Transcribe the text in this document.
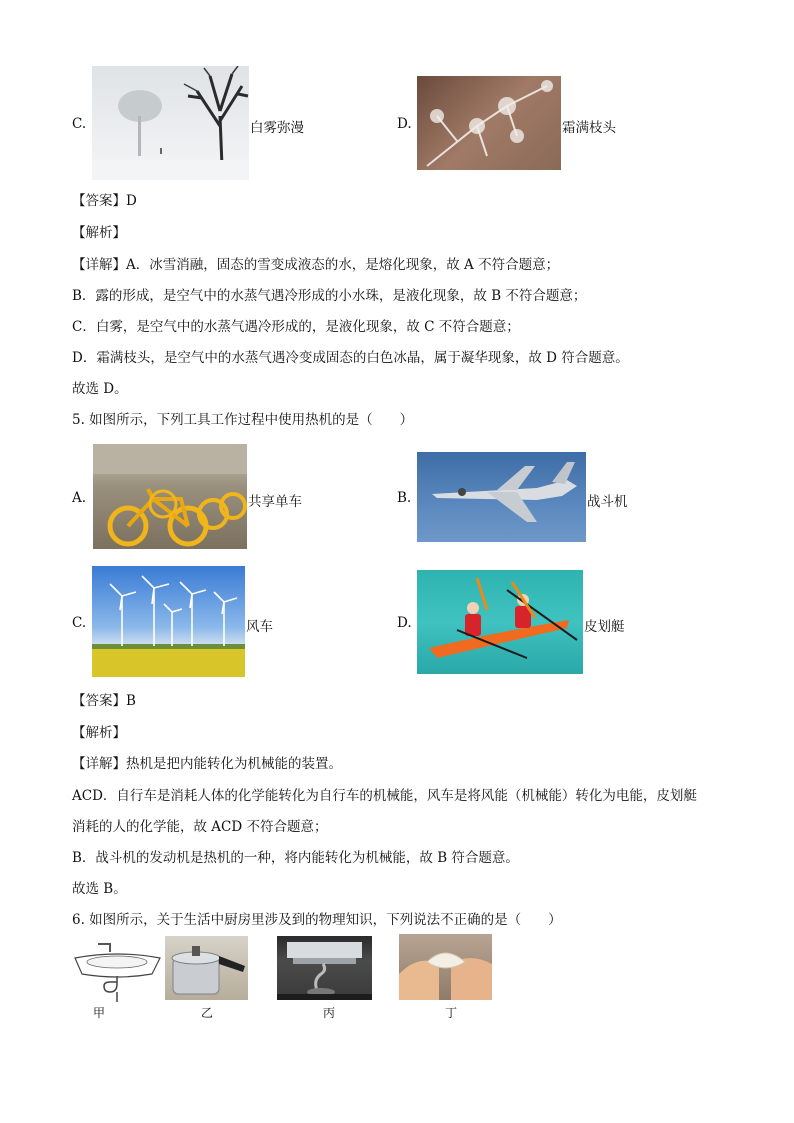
C.	白雾弥漫	D.	霜满枝头
【答案】D
【解析】
【详解】A．冰雪消融，固态的雪变成液态的水，是熔化现象，故 A 不符合题意；
B．露的形成，是空气中的水蒸气遇冷形成的小水珠，是液化现象，故 B 不符合题意；
C．白雾，是空气中的水蒸气遇冷形成的，是液化现象，故 C 不符合题意；
D．霜满枝头，是空气中的水蒸气遇冷变成固态的白色冰晶，属于凝华现象，故 D 符合题意。
故选 D。
5. 如图所示，下列工具工作过程中使用热机的是（　　）
A.	共享单车	B.	战斗机
C.	风车	D.	皮划艇
【答案】B
【解析】
【详解】热机是把内能转化为机械能的装置。
ACD．自行车是消耗人体的化学能转化为自行车的机械能，风车是将风能（机械能）转化为电能，皮划艇
消耗的人的化学能，故 ACD 不符合题意；
B．战斗机的发动机是热机的一种，将内能转化为机械能，故 B 符合题意。
故选 B。
6. 如图所示，关于生活中厨房里涉及到的物理知识，下列说法不正确的是（　　）
甲	乙	丙	丁
